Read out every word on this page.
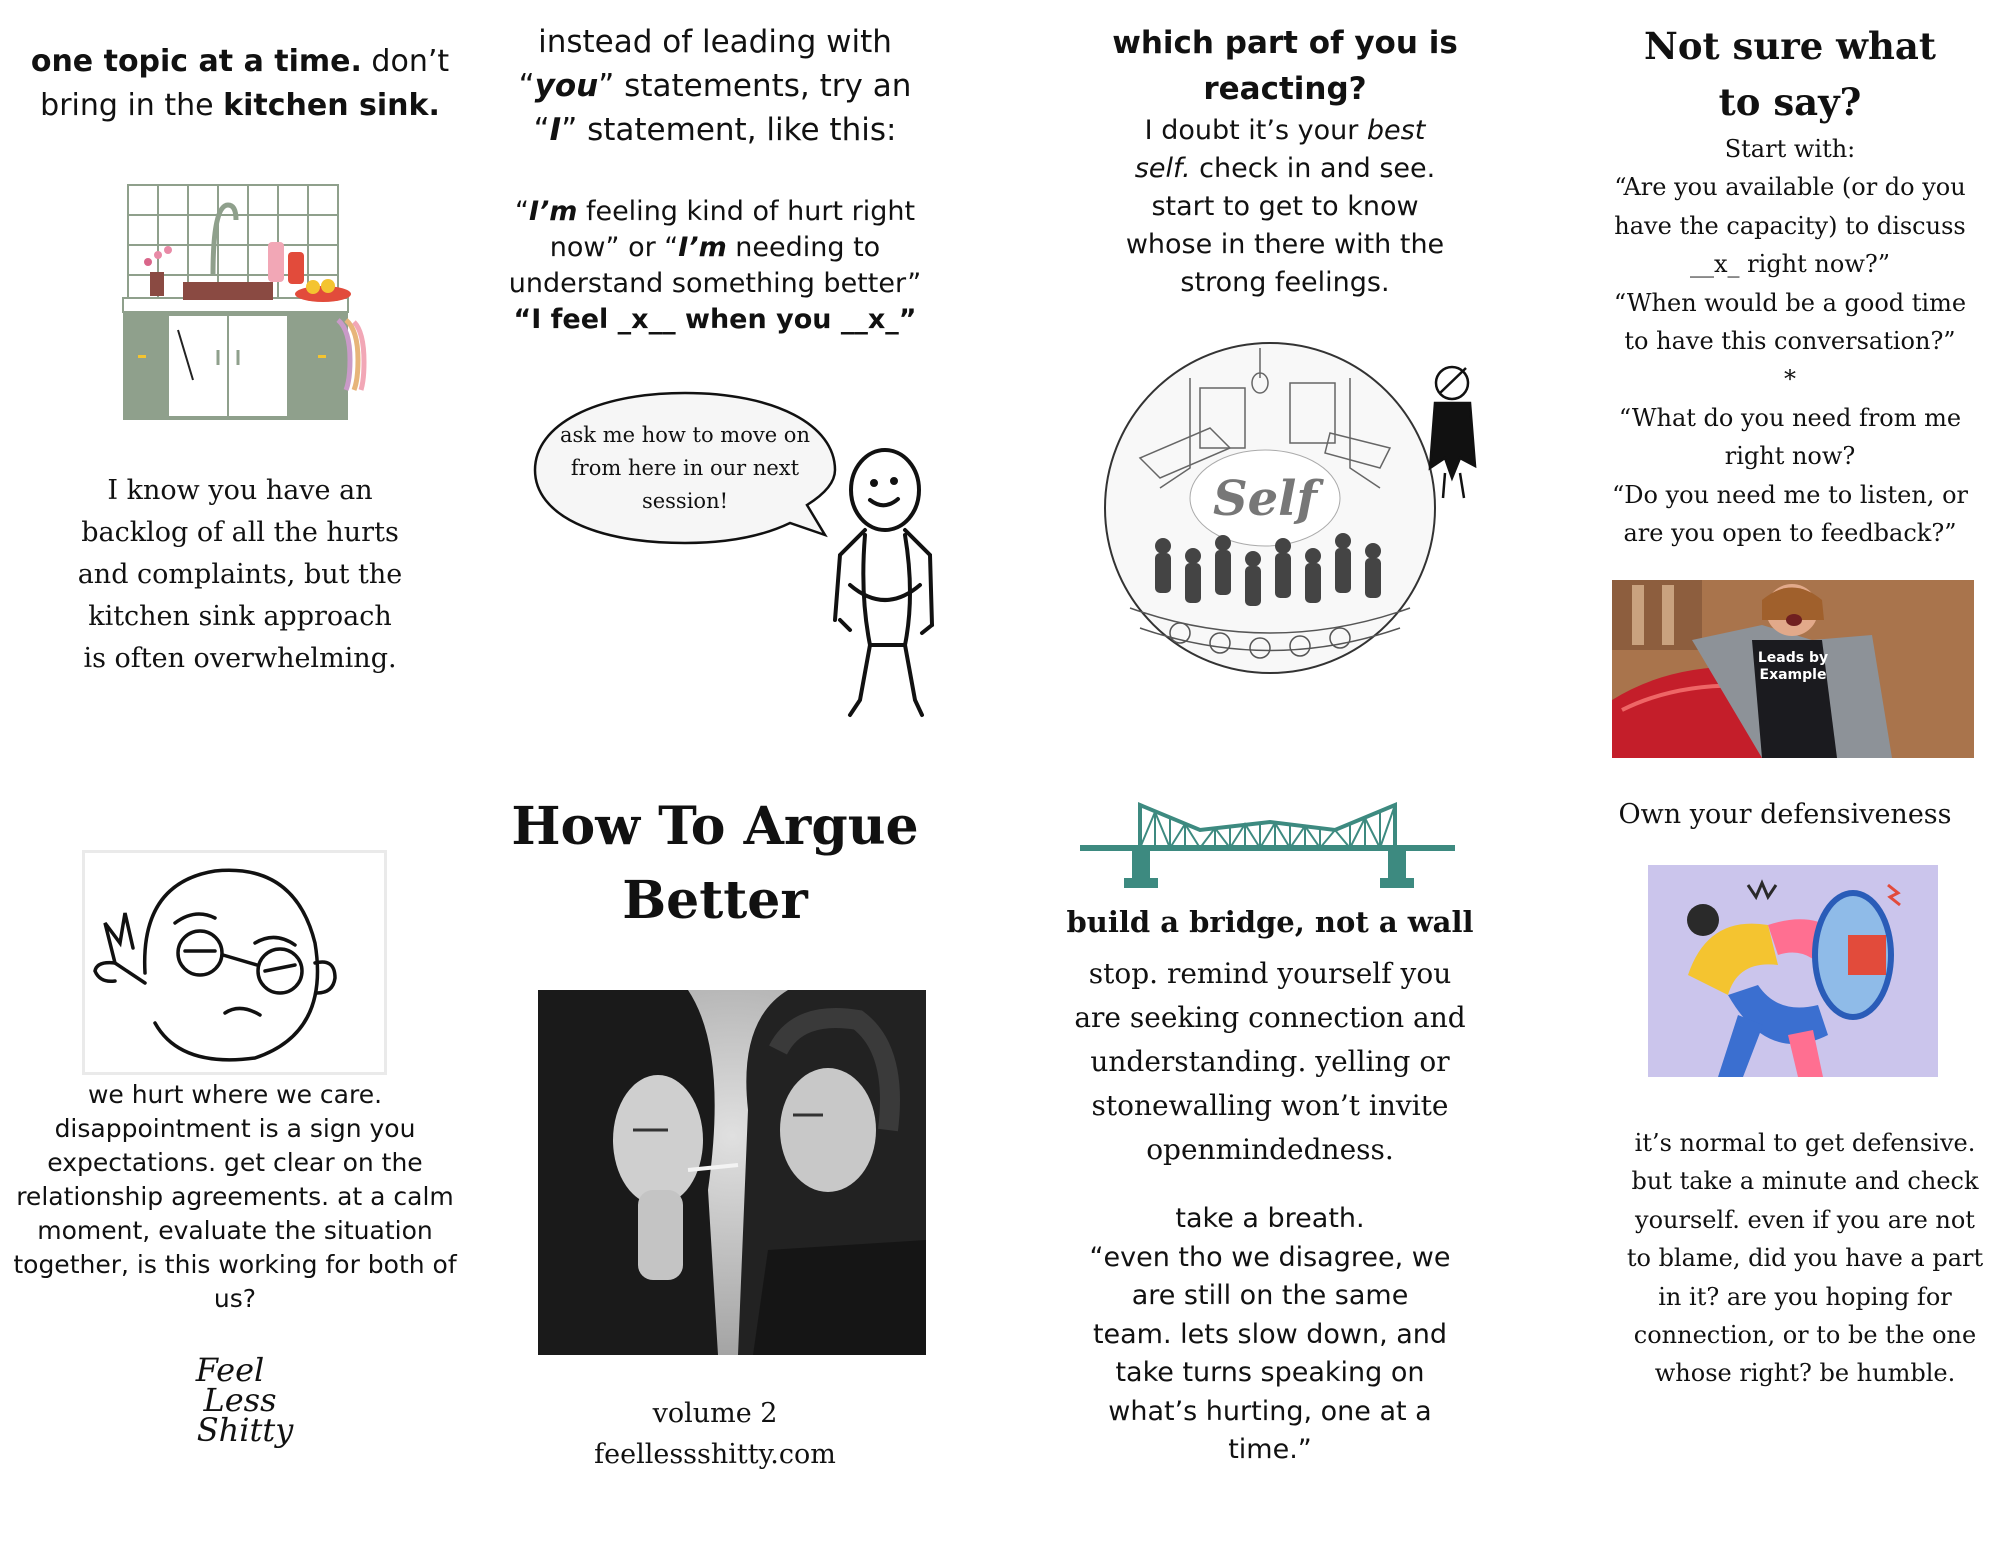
one topic at a time. don’t bring in the kitchen sink.

I know you have an

backlog of all the hurts

and complaints, but the

kitchen sink approach

is often overwhelming.

instead of leading with

“you” statements, try an

“I” statement, like this:

“I’m feeling kind of hurt right

now” or “I’m needing to

understand something better”

“I feel _x__ when you __x_”

ask me how to move on

from here in our next

session!

which part of you is reacting?

I doubt it’s your best

self. check in and see.

start to get to know

whose in there with the

strong feelings.

Self

Not sure what to say?

Start with:

“Are you available (or do you

have the capacity) to discuss

__x_ right now?”

“When would be a good time

to have this conversation?”

*

“What do you need from me

right now?

“Do you need me to listen, or

are you open to feedback?”

Leads by
Example

we hurt where we care.

disappointment is a sign you

expectations. get clear on the

relationship agreements. at a calm

moment, evaluate the situation

together, is this working for both of

us?

Feel

Less

Shitty

How To Argue

Better

volume 2

feellessshitty.com

build a bridge, not a wall

stop. remind yourself you

are seeking connection and

understanding. yelling or

stonewalling won’t invite

openmindedness.

take a breath.

“even tho we disagree, we

are still on the same

team. lets slow down, and

take turns speaking on

what’s hurting, one at a

time.”

Own your defensiveness

it’s normal to get defensive.

but take a minute and check

yourself. even if you are not

to blame, did you have a part

in it? are you hoping for

connection, or to be the one

whose right? be humble.
